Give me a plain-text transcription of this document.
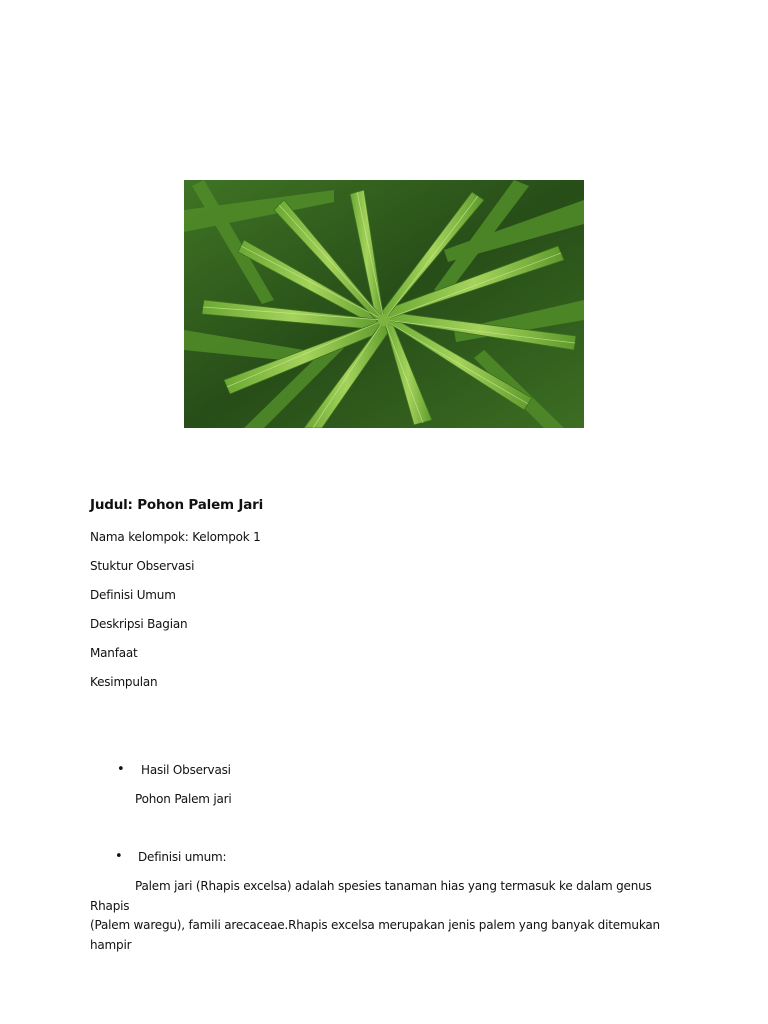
Judul: Pohon Palem Jari
Nama kelompok: Kelompok 1
Stuktur Observasi
Definisi Umum
Deskripsi Bagian
Manfaat
Kesimpulan
• Hasil Observasi
Pohon Palem jari
• Definisi umum:
Palem jari (Rhapis excelsa) adalah spesies tanaman hias yang termasuk ke dalam genus Rhapis
(Palem waregu), famili arecaceae.Rhapis excelsa merupakan jenis palem yang banyak ditemukan hampir
